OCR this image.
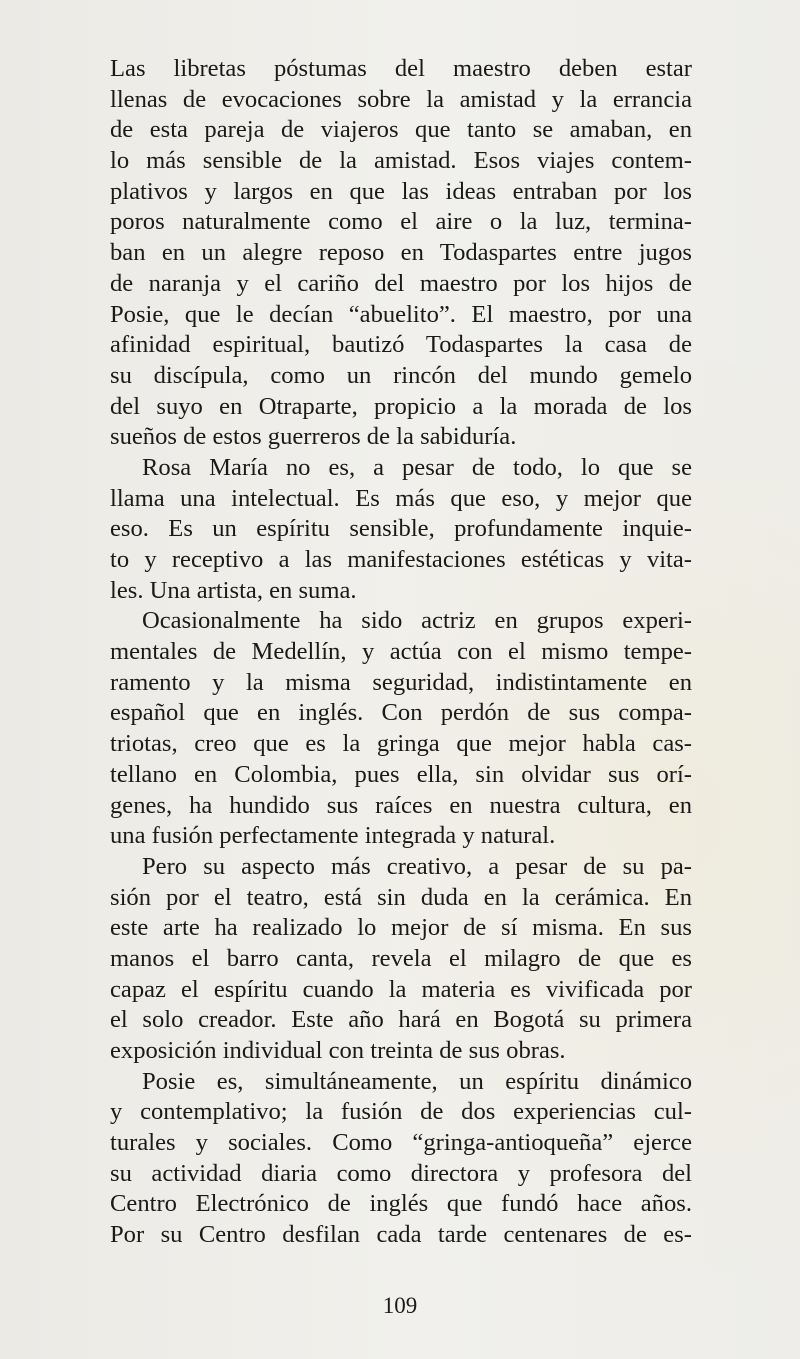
Las libretas póstumas del maestro deben estar
llenas de evocaciones sobre la amistad y la errancia
de esta pareja de viajeros que tanto se amaban, en
lo más sensible de la amistad. Esos viajes contem-
plativos y largos en que las ideas entraban por los
poros naturalmente como el aire o la luz, termina-
ban en un alegre reposo en Todaspartes entre jugos
de naranja y el cariño del maestro por los hijos de
Posie, que le decían “abuelito”. El maestro, por una
afinidad espiritual, bautizó Todaspartes la casa de
su discípula, como un rincón del mundo gemelo
del suyo en Otraparte, propicio a la morada de los
sueños de estos guerreros de la sabiduría.
Rosa María no es, a pesar de todo, lo que se
llama una intelectual. Es más que eso, y mejor que
eso. Es un espíritu sensible, profundamente inquie-
to y receptivo a las manifestaciones estéticas y vita-
les. Una artista, en suma.
Ocasionalmente ha sido actriz en grupos experi-
mentales de Medellín, y actúa con el mismo tempe-
ramento y la misma seguridad, indistintamente en
español que en inglés. Con perdón de sus compa-
triotas, creo que es la gringa que mejor habla cas-
tellano en Colombia, pues ella, sin olvidar sus orí-
genes, ha hundido sus raíces en nuestra cultura, en
una fusión perfectamente integrada y natural.
Pero su aspecto más creativo, a pesar de su pa-
sión por el teatro, está sin duda en la cerámica. En
este arte ha realizado lo mejor de sí misma. En sus
manos el barro canta, revela el milagro de que es
capaz el espíritu cuando la materia es vivificada por
el solo creador. Este año hará en Bogotá su primera
exposición individual con treinta de sus obras.
Posie es, simultáneamente, un espíritu dinámico
y contemplativo; la fusión de dos experiencias cul-
turales y sociales. Como “gringa-antioqueña” ejerce
su actividad diaria como directora y profesora del
Centro Electrónico de inglés que fundó hace años.
Por su Centro desfilan cada tarde centenares de es-
109
